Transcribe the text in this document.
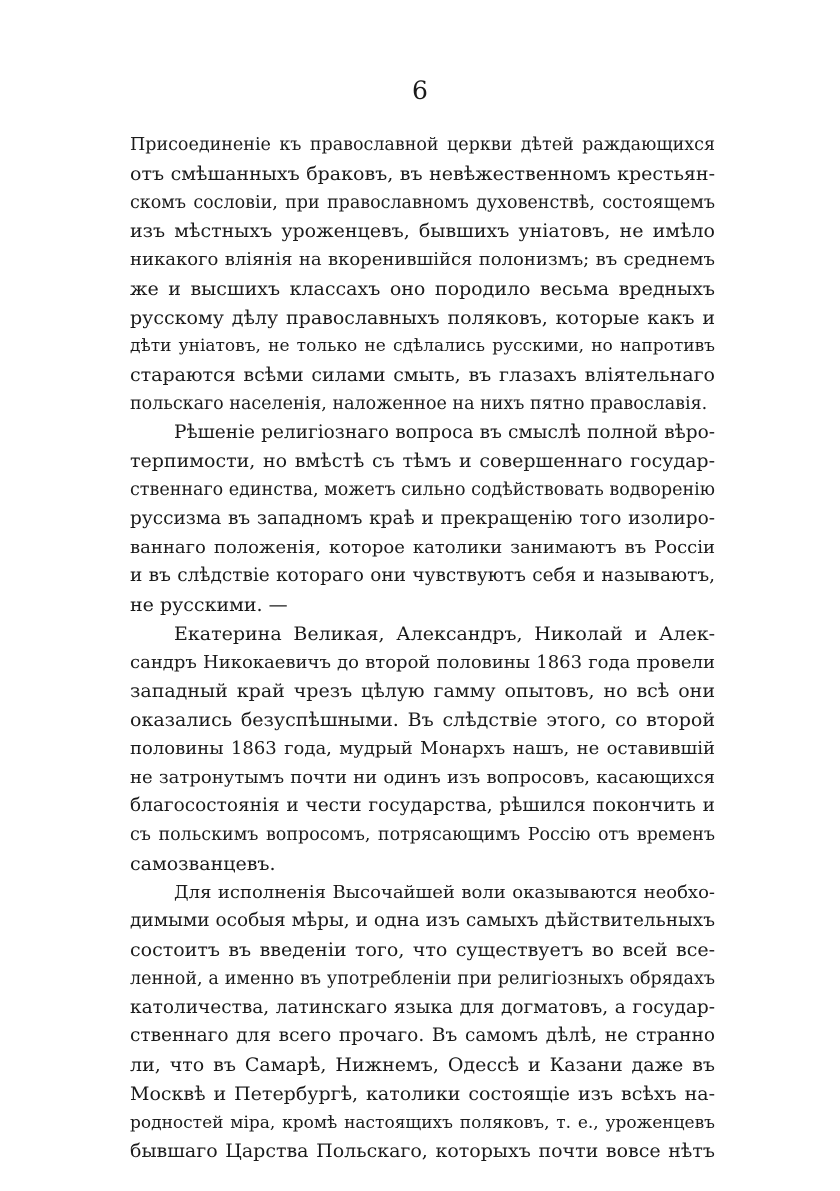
6
Присоединеніе къ православной церкви дѣтей раждающихся
отъ смѣшанныхъ браковъ, въ невѣжественномъ крестьян-
скомъ сословіи, при православномъ духовенствѣ, состоящемъ
изъ мѣстныхъ уроженцевъ, бывшихъ уніатовъ, не имѣло
никакого вліянія на вкоренившійся полонизмъ; въ среднемъ
же и высшихъ классахъ оно породило весьма вредныхъ
русскому дѣлу православныхъ поляковъ, которые какъ и
дѣти уніатовъ, не только не сдѣлались русскими, но напротивъ
стараются всѣми силами смыть, въ глазахъ вліятельнаго
польскаго населенія, наложенное на нихъ пятно православія.
Рѣшеніе религіознаго вопроса въ смыслѣ полной вѣро-
терпимости, но вмѣстѣ съ тѣмъ и совершеннаго государ-
ственнаго единства, можетъ сильно содѣйствовать водворенію
руссизма въ западномъ краѣ и прекращенію того изолиро-
ваннаго положенія, которое католики занимаютъ въ Россіи
и въ слѣдствіе котораго они чувствуютъ себя и называютъ,
не русскими. —
Екатерина Великая, Александръ, Николай и Алек-
сандръ Никокаевичъ до второй половины 1863 года провели
западный край чрезъ цѣлую гамму опытовъ, но всѣ они
оказались безуспѣшными. Въ слѣдствіе этого, со второй
половины 1863 года, мудрый Монархъ нашъ, не оставившій
не затронутымъ почти ни одинъ изъ вопросовъ, касающихся
благосостоянія и чести государства, рѣшился покончить и
съ польскимъ вопросомъ, потрясающимъ Россію отъ временъ
самозванцевъ.
Для исполненія Высочайшей воли оказываются необхо-
димыми особыя мѣры, и одна изъ самыхъ дѣйствительныхъ
состоитъ въ введеніи того, что существуетъ во всей все-
ленной, а именно въ употребленіи при религіозныхъ обрядахъ
католичества, латинскаго языка для догматовъ, а государ-
ственнаго для всего прочаго. Въ самомъ дѣлѣ, не странно
ли, что въ Самарѣ, Нижнемъ, Одессѣ и Казани даже въ
Москвѣ и Петербургѣ, католики состоящіе изъ всѣхъ на-
родностей міра, кромѣ настоящихъ поляковъ, т. е., уроженцевъ
бывшаго Царства Польскаго, которыхъ почти вовсе нѣтъ
